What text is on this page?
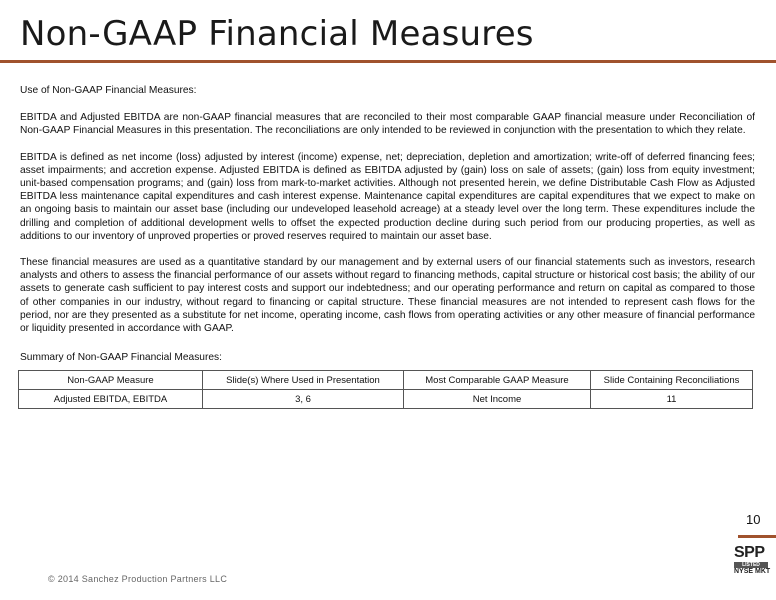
Non-GAAP Financial Measures

Use of Non-GAAP Financial Measures:

EBITDA and Adjusted EBITDA are non-GAAP financial measures that are reconciled to their most comparable GAAP financial measure under Reconciliation of Non-GAAP Financial Measures in this presentation. The reconciliations are only intended to be reviewed in conjunction with the presentation to which they relate.

EBITDA is defined as net income (loss) adjusted by interest (income) expense, net; depreciation, depletion and amortization; write-off of deferred financing fees; asset impairments; and accretion expense. Adjusted EBITDA is defined as EBITDA adjusted by (gain) loss on sale of assets; (gain) loss from equity investment; unit-based compensation programs; and (gain) loss from mark-to-market activities. Although not presented herein, we define Distributable Cash Flow as Adjusted EBITDA less maintenance capital expenditures and cash interest expense. Maintenance capital expenditures are capital expenditures that we expect to make on an ongoing basis to maintain our asset base (including our undeveloped leasehold acreage) at a steady level over the long term. These expenditures include the drilling and completion of additional development wells to offset the expected production decline during such period from our producing properties, as well as additions to our inventory of unproved properties or proved reserves required to maintain our asset base.

These financial measures are used as a quantitative standard by our management and by external users of our financial statements such as investors, research analysts and others to assess the financial performance of our assets without regard to financing methods, capital structure or historical cost basis; the ability of our assets to generate cash sufficient to pay interest costs and support our indebtedness; and our operating performance and return on capital as compared to those of other companies in our industry, without regard to financing or capital structure. These financial measures are not intended to represent cash flows for the period, nor are they presented as a substitute for net income, operating income, cash flows from operating activities or any other measure of financial performance or liquidity presented in accordance with GAAP.

Summary of Non-GAAP Financial Measures:
Non-GAAP Measure	Slide(s) Where Used in Presentation	Most Comparable GAAP Measure	Slide Containing Reconciliations
Adjusted EBITDA, EBITDA	3, 6	Net Income	11
10
SPP
LISTED
NYSE MKT
© 2014 Sanchez Production Partners LLC
